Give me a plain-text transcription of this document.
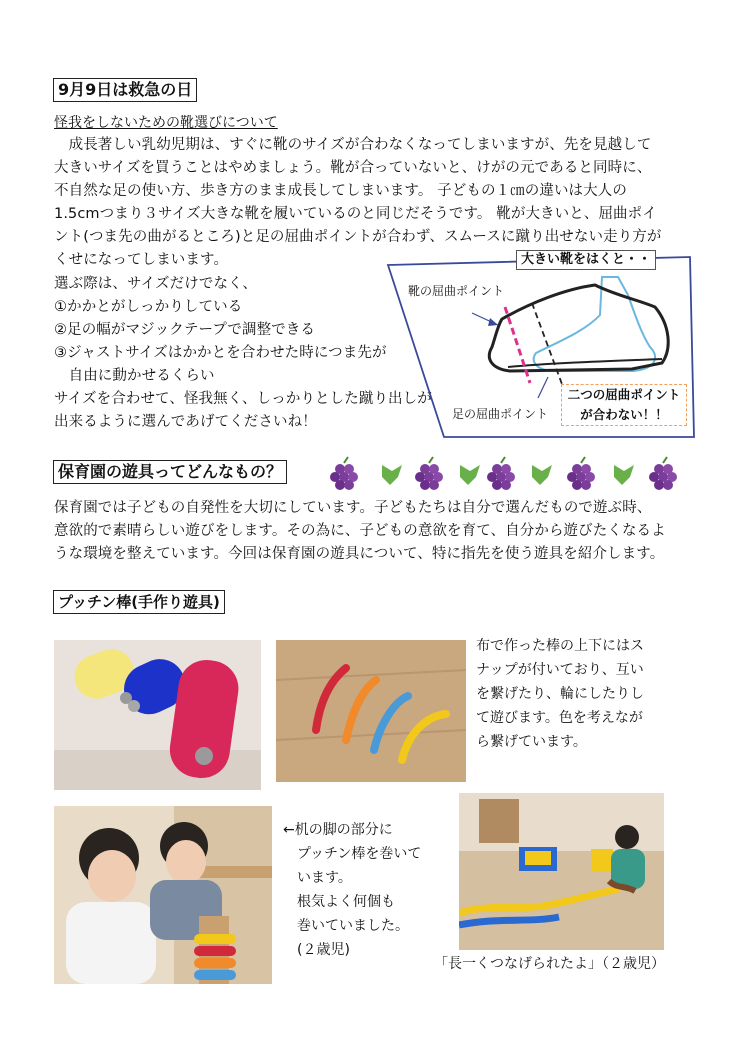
9月9日は救急の日
怪我をしないための靴選びについて
　成長著しい乳幼児期は、すぐに靴のサイズが合わなくなってしまいますが、先を見越して
大きいサイズを買うことはやめましょう。靴が合っていないと、けがの元であると同時に、
不自然な足の使い方、歩き方のまま成長してしまいます。 子どもの１㎝の違いは大人の
1.5cmつまり３サイズ大きな靴を履いているのと同じだそうです。 靴が大きいと、屈曲ポイ
ント(つま先の曲がるところ)と足の屈曲ポイントが合わず、スムースに蹴り出せない走り方が
くせになってしまいます。
選ぶ際は、サイズだけでなく、
①かかとがしっかりしている
②足の幅がマジックテープで調整できる
③ジャストサイズはかかとを合わせた時につま先が
　自由に動かせるくらい
サイズを合わせて、怪我無く、しっかりとした蹴り出しが
出来るように選んであげてくださいね！
大きい靴をはくと・・
靴の屈曲ポイント
足の屈曲ポイント
二つの屈曲ポイント
が合わない！！
保育園の遊具ってどんなもの？
保育園では子どもの自発性を大切にしています。子どもたちは自分で選んだもので遊ぶ時、
意欲的で素晴らしい遊びをします。その為に、子どもの意欲を育て、自分から遊びたくなるよ
うな環境を整えています。今回は保育園の遊具について、特に指先を使う遊具を紹介します。
プッチン棒(手作り遊具)
布で作った棒の上下にはス
ナップが付いており、互い
を繋げたり、輪にしたりし
て遊びます。色を考えなが
ら繋げています。
←机の脚の部分に
　プッチン棒を巻いて
　います。
　根気よく何個も
　巻いていました。
　(２歳児)
「長一くつなげられたよ」（２歳児）
